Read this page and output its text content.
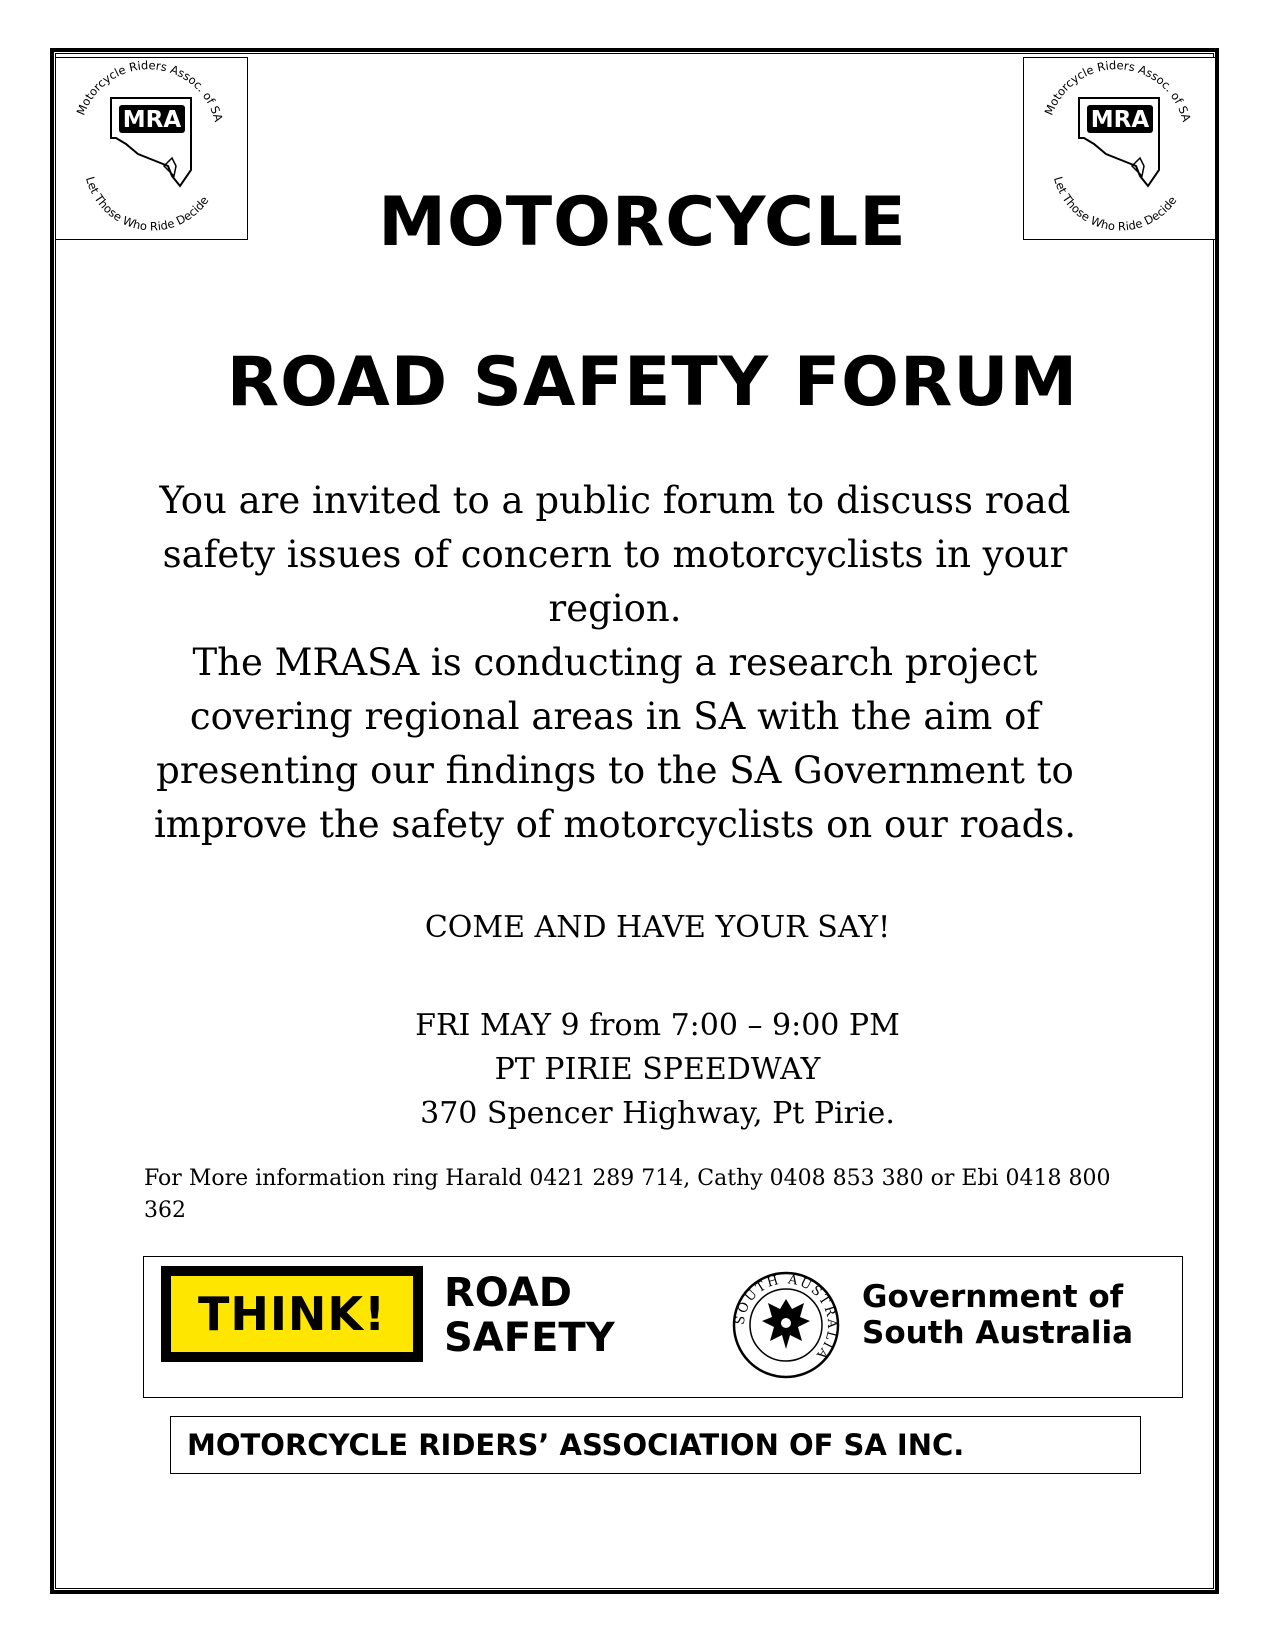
Motorcycle Riders Assoc. of SA
Let Those Who Ride Decide
MRA	Motorcycle Riders Assoc. of SA
Let Those Who Ride Decide
MRA
MOTORCYCLE
ROAD SAFETY FORUM

You are invited to a public forum to discuss road safety issues of concern to motorcyclists in your region.

The MRASA is conducting a research project covering regional areas in SA with the aim of presenting our findings to the SA Government to improve the safety of motorcyclists on our roads.

COME AND HAVE YOUR SAY!
FRI MAY 9 from 7:00 – 9:00 PM
PT PIRIE SPEEDWAY
370 Spencer Highway, Pt Pirie.
For More information ring Harald 0421 289 714, Cathy 0408 853 380 or Ebi 0418 800 362
THINK!	ROAD
SAFETY	SOUTH AUSTRALIA
Government of
South Australia
MOTORCYCLE RIDERS’ ASSOCIATION OF SA INC.
